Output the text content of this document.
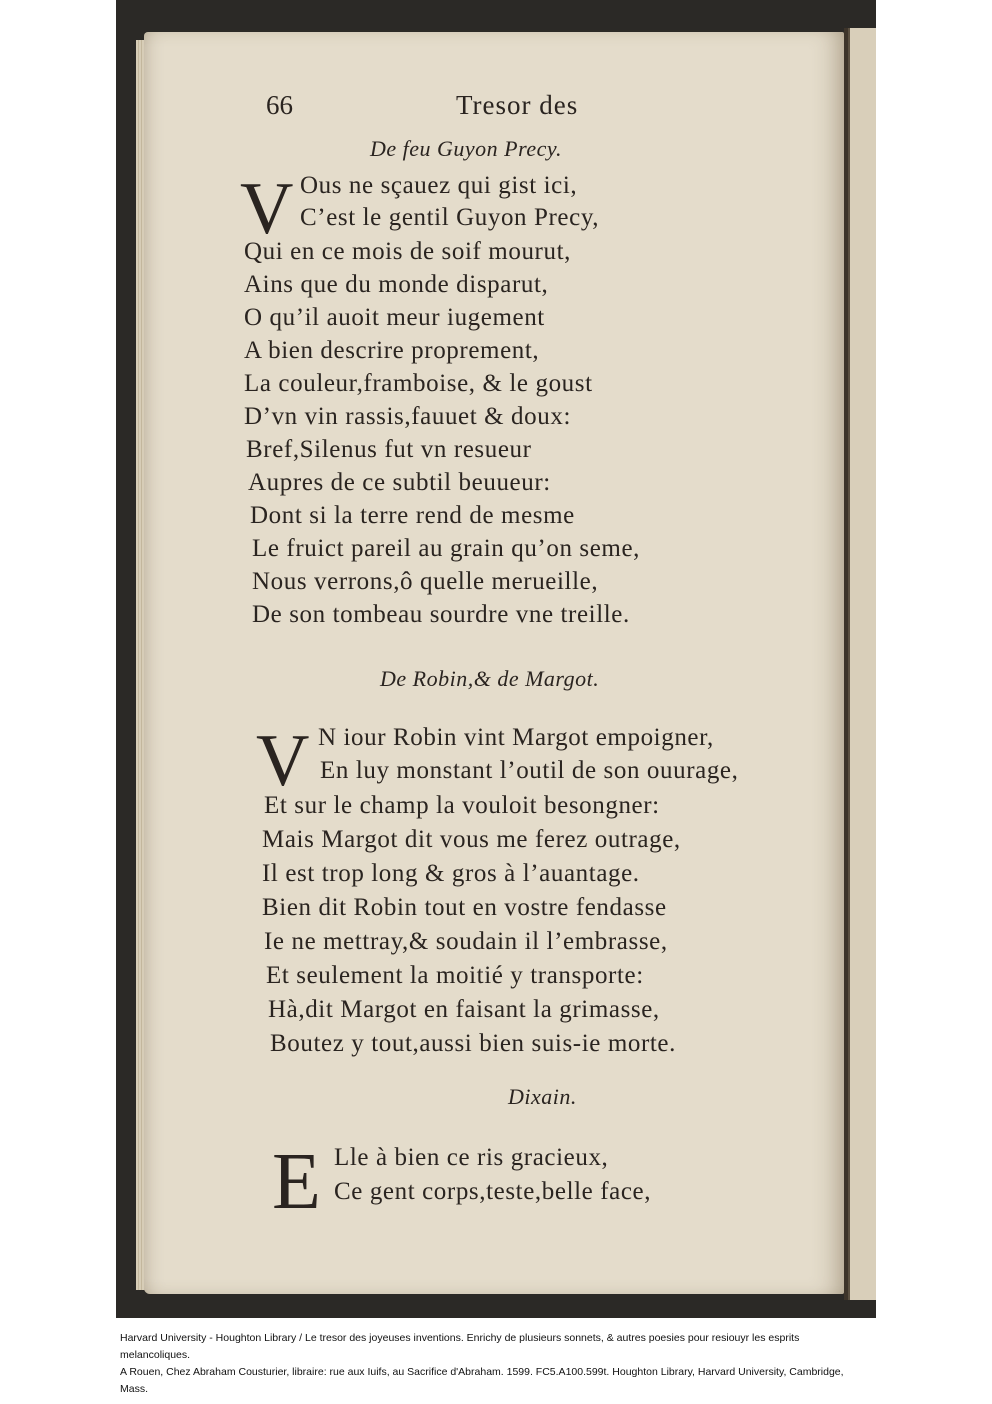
66	Tresor des
De feu Guyon Precy.
V Ous ne sçauez qui gist ici,
C’est le gentil Guyon Precy,
Qui en ce mois de soif mourut,
Ains que du monde disparut,
O qu’il auoit meur iugement
A bien descrire proprement,
La couleur,framboise, & le goust
D’vn vin rassis,fauuet & doux:
Bref,Silenus fut vn resueur
Aupres de ce subtil beuueur:
Dont si la terre rend de mesme
Le fruict pareil au grain qu’on seme,
Nous verrons,ô quelle merueille,
De son tombeau sourdre vne treille.
De Robin,& de Margot.
V N iour Robin vint Margot empoigner,
En luy monstant l’outil de son ouurage,
Et sur le champ la vouloit besongner:
Mais Margot dit vous me ferez outrage,
Il est trop long & gros à l’auantage.
Bien dit Robin tout en vostre fendasse
Ie ne mettray,& soudain il l’embrasse,
Et seulement la moitié y transporte:
Hà,dit Margot en faisant la grimasse,
Boutez y tout,aussi bien suis-ie morte.
Dixain.
E Lle à bien ce ris gracieux,
Ce gent corps,teste,belle face,

Harvard University - Houghton Library / Le tresor des joyeuses inventions. Enrichy de plusieurs sonnets, & autres poesies pour resiouyr les esprits melancoliques.

A Rouen, Chez Abraham Cousturier, libraire: rue aux Iuifs, au Sacrifice d'Abraham. 1599. FC5.A100.599t. Houghton Library, Harvard University, Cambridge, Mass.
